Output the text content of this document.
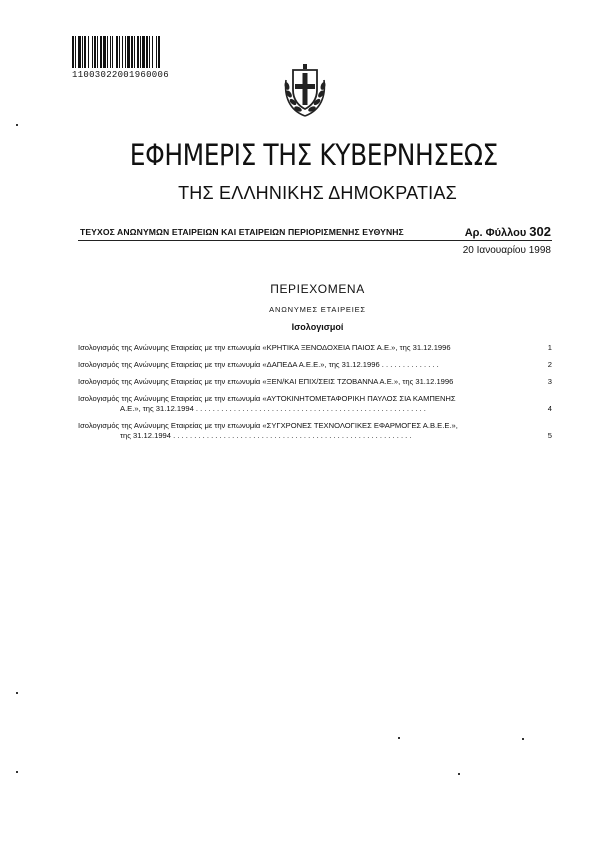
11003022001960006
ΕΦΗΜΕΡΙΣ ΤΗΣ ΚΥΒΕΡΝΗΣΕΩΣ
ΤΗΣ ΕΛΛΗΝΙΚΗΣ ΔΗΜΟΚΡΑΤΙΑΣ
ΤΕΥΧΟΣ ΑΝΩΝΥΜΩΝ ΕΤΑΙΡΕΙΩΝ ΚΑΙ ΕΤΑΙΡΕΙΩΝ ΠΕΡΙΟΡΙΣΜΕΝΗΣ ΕΥΘΥΝΗΣ	Αρ. Φύλλου 302
20 Ιανουαρίου 1998
ΠΕΡΙΕΧΟΜΕΝΑ
ΑΝΩΝΥΜΕΣ ΕΤΑΙΡΕΙΕΣ
Ισολογισμοί
Ισολογισμός της Ανώνυμης Εταιρείας με την επωνυμία «ΚΡΗΤΙΚΑ ΞΕΝΟΔΟΧΕΙΑ ΠΑΙΟΣ Α.Ε.», της 31.12.1996	1
Ισολογισμός της Ανώνυμης Εταιρείας με την επωνυμία «ΔΑΠΕΔΑ Α.Ε.Ε.», της 31.12.1996 . . . . . . . . . . . . . .	2
Ισολογισμός της Ανώνυμης Εταιρείας με την επωνυμία «ΞΕΝ/ΚΑΙ ΕΠΙΧ/ΣΕΙΣ ΤΖΟΒΑΝΝΑ Α.Ε.», της 31.12.1996	3
Ισολογισμός της Ανώνυμης Εταιρείας με την επωνυμία «ΑΥΤΟΚΙΝΗΤΟΜΕΤΑΦΟΡΙΚΗ ΠΑΥΛΟΣ ΣΙΑ ΚΑΜΠΕΝΗΣ
Α.Ε.», της 31.12.1994 . . . . . . . . . . . . . . . . . . . . . . . . . . . . . . . . . . . . . . . . . . . . . . . . . . . . . . .	4
Ισολογισμός της Ανώνυμης Εταιρείας με την επωνυμία «ΣΥΓΧΡΟΝΕΣ ΤΕΧΝΟΛΟΓΙΚΕΣ ΕΦΑΡΜΟΓΕΣ Α.Β.Ε.Ε.»,
της 31.12.1994 . . . . . . . . . . . . . . . . . . . . . . . . . . . . . . . . . . . . . . . . . . . . . . . . . . . . . . . . .	5
